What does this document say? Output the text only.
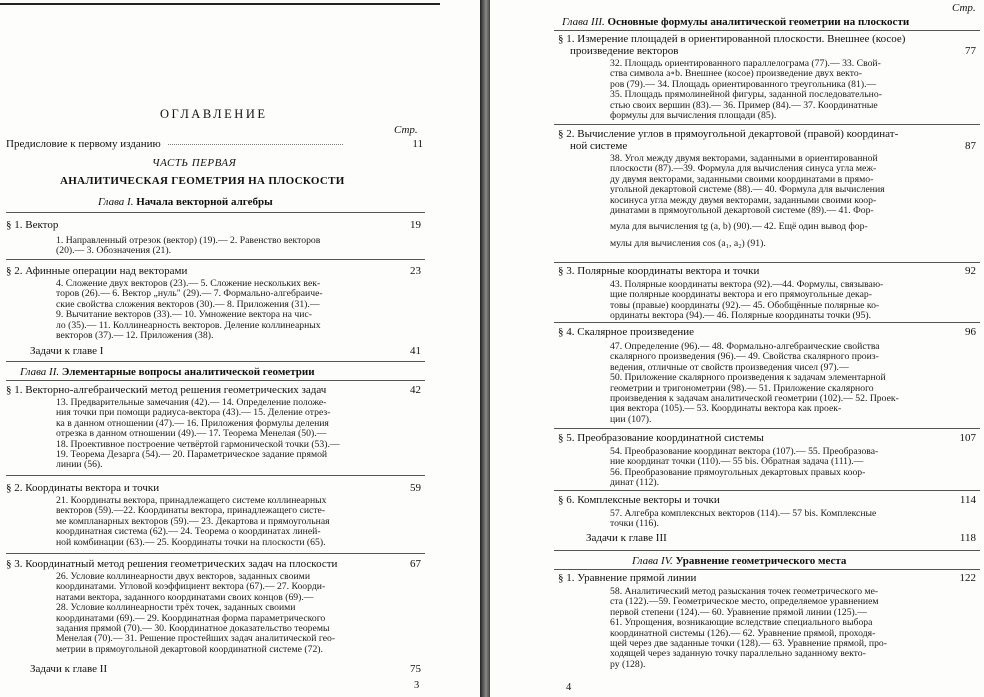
ОГЛАВЛЕНИЕ
Стр.
Предисловие к первому изданию	11
ЧАСТЬ ПЕРВАЯ
АНАЛИТИЧЕСКАЯ ГЕОМЕТРИЯ НА ПЛОСКОСТИ
Глава I. Начала векторной алгебры
§ 1. Вектор	19
1. Направленный отрезок (вектор) (19).— 2. Равенство векторов
(20).— 3. Обозначения (21).
§ 2. Афинные операции над векторами	23
4. Сложение двух векторов (23).— 5. Сложение нескольких век-
торов (26).— 6. Вектор „нуль" (29).— 7. Формально-алгебраиче-
ские свойства сложения векторов (30).— 8. Приложения (31).—
9. Вычитание векторов (33).— 10. Умножение вектора на чис-
ло (35).— 11. Коллинеарность векторов. Деление коллинеарных
векторов (37).— 12. Приложения (38).
Задачи к главе I	41
Глава II. Элементарные вопросы аналитической геометрии
§ 1. Векторно-алгебраический метод решения геометрических задач	42
13. Предварительные замечания (42).— 14. Определение положе-
ния точки при помощи радиуса-вектора (43).— 15. Деление отрез-
ка в данном отношении (47).— 16. Приложения формулы деления
отрезка в данном отношении (49).— 17. Теорема Менелая (50).—
18. Проективное построение четвёртой гармонической точки (53).—
19. Теорема Дезарга (54).— 20. Параметрическое задание прямой
линии (56).
§ 2. Координаты вектора и точки	59
21. Координаты вектора, принадлежащего системе коллинеарных
векторов (59).—22. Координаты вектора, принадлежащего систе-
ме компланарных векторов (59).— 23. Декартова и прямоугольная
координатная система (62).— 24. Теорема о координатах линей-
ной комбинации (63).— 25. Координаты точки на плоскости (65).
§ 3. Координатный метод решения геометрических задач на плоскости	67
26. Условие коллинеарности двух векторов, заданных своими
координатами. Угловой коэффициент вектора (67).— 27. Коорди-
натами вектора, заданного координатами своих концов (69).—
28. Условие коллинеарности трёх точек, заданных своими
координатами (69).— 29. Координатная форма параметрического
задания прямой (70).— 30. Координатное доказательство теоремы
Менелая (70).— 31. Решение простейших задач аналитической гео-
метрии в прямоугольной декартовой координатной системе (72).
Задачи к главе II	75
3
Стр.
Глава III. Основные формулы аналитической геометрии на плоскости
§ 1. Измерение площадей в ориентированной плоскости. Внешнее (косое)
произведение векторов	77
32. Площадь ориентированного параллелограма (77).— 33. Свой-
ства символа a∘b. Внешнее (косое) произведение двух векто-
ров (79).— 34. Площадь ориентированного треугольника (81).—
35. Площадь прямолинейной фигуры, заданной последовательно-
стью своих вершин (83).— 36. Пример (84).— 37. Координатные
формулы для вычисления площади (85).
§ 2. Вычисление углов в прямоугольной декартовой (правой) координат-
ной системе	87
38. Угол между двумя векторами, заданными в ориентированной
плоскости (87).—39. Формула для вычисления синуса угла меж-
ду двумя векторами, заданными своими координатами в прямо-
угольной декартовой системе (88).— 40. Формула для вычисления
косинуса угла между двумя векторами, заданными своими коор-
динатами в прямоугольной декартовой системе (89).— 41. Фор-
мула для вычисления tg (a, b) (90).— 42. Ещё один вывод фор-
мулы для вычисления cos (a₁, a₂) (91).
§ 3. Полярные координаты вектора и точки	92
43. Полярные координаты вектора (92).—44. Формулы, связываю-
щие полярные координаты вектора и его прямоугольные декар-
товы (правые) координаты (92).— 45. Обобщённые полярные ко-
ординаты вектора (94).— 46. Полярные координаты точки (95).
§ 4. Скалярное произведение	96
47. Определение (96).— 48. Формально-алгебраические свойства
скалярного произведения (96).— 49. Свойства скалярного произ-
ведения, отличные от свойств произведения чисел (97).—
50. Приложение скалярного произведения к задачам элементарной
геометрии и тригонометрии (98).— 51. Приложение скалярного
произведения к задачам аналитической геометрии (102).— 52. Проек-
ция вектора (105).— 53. Координаты вектора как проек-
ции (107).
§ 5. Преобразование координатной системы	107
54. Преобразование координат вектора (107).— 55. Преобразова-
ние координат точки (110).— 55 bis. Обратная задача (111).—
56. Преобразование прямоугольных декартовых правых коор-
динат (112).
§ 6. Комплексные векторы и точки	114
57. Алгебра комплексных векторов (114).— 57 bis. Комплексные
точки (116).
Задачи к главе III	118
Глава IV. Уравнение геометрического места
§ 1. Уравнение прямой линии	122
58. Аналитический метод разыскания точек геометрического ме-
ста (122).—59. Геометрическое место, определяемое уравнением
первой степени (124).— 60. Уравнение прямой линии (125).—
61. Упрощения, возникающие вследствие специального выбора
координатной системы (126).— 62. Уравнение прямой, проходя-
щей через две заданные точки (128).— 63. Уравнение прямой, про-
ходящей через заданную точку параллельно заданному векто-
ру (128).
4
